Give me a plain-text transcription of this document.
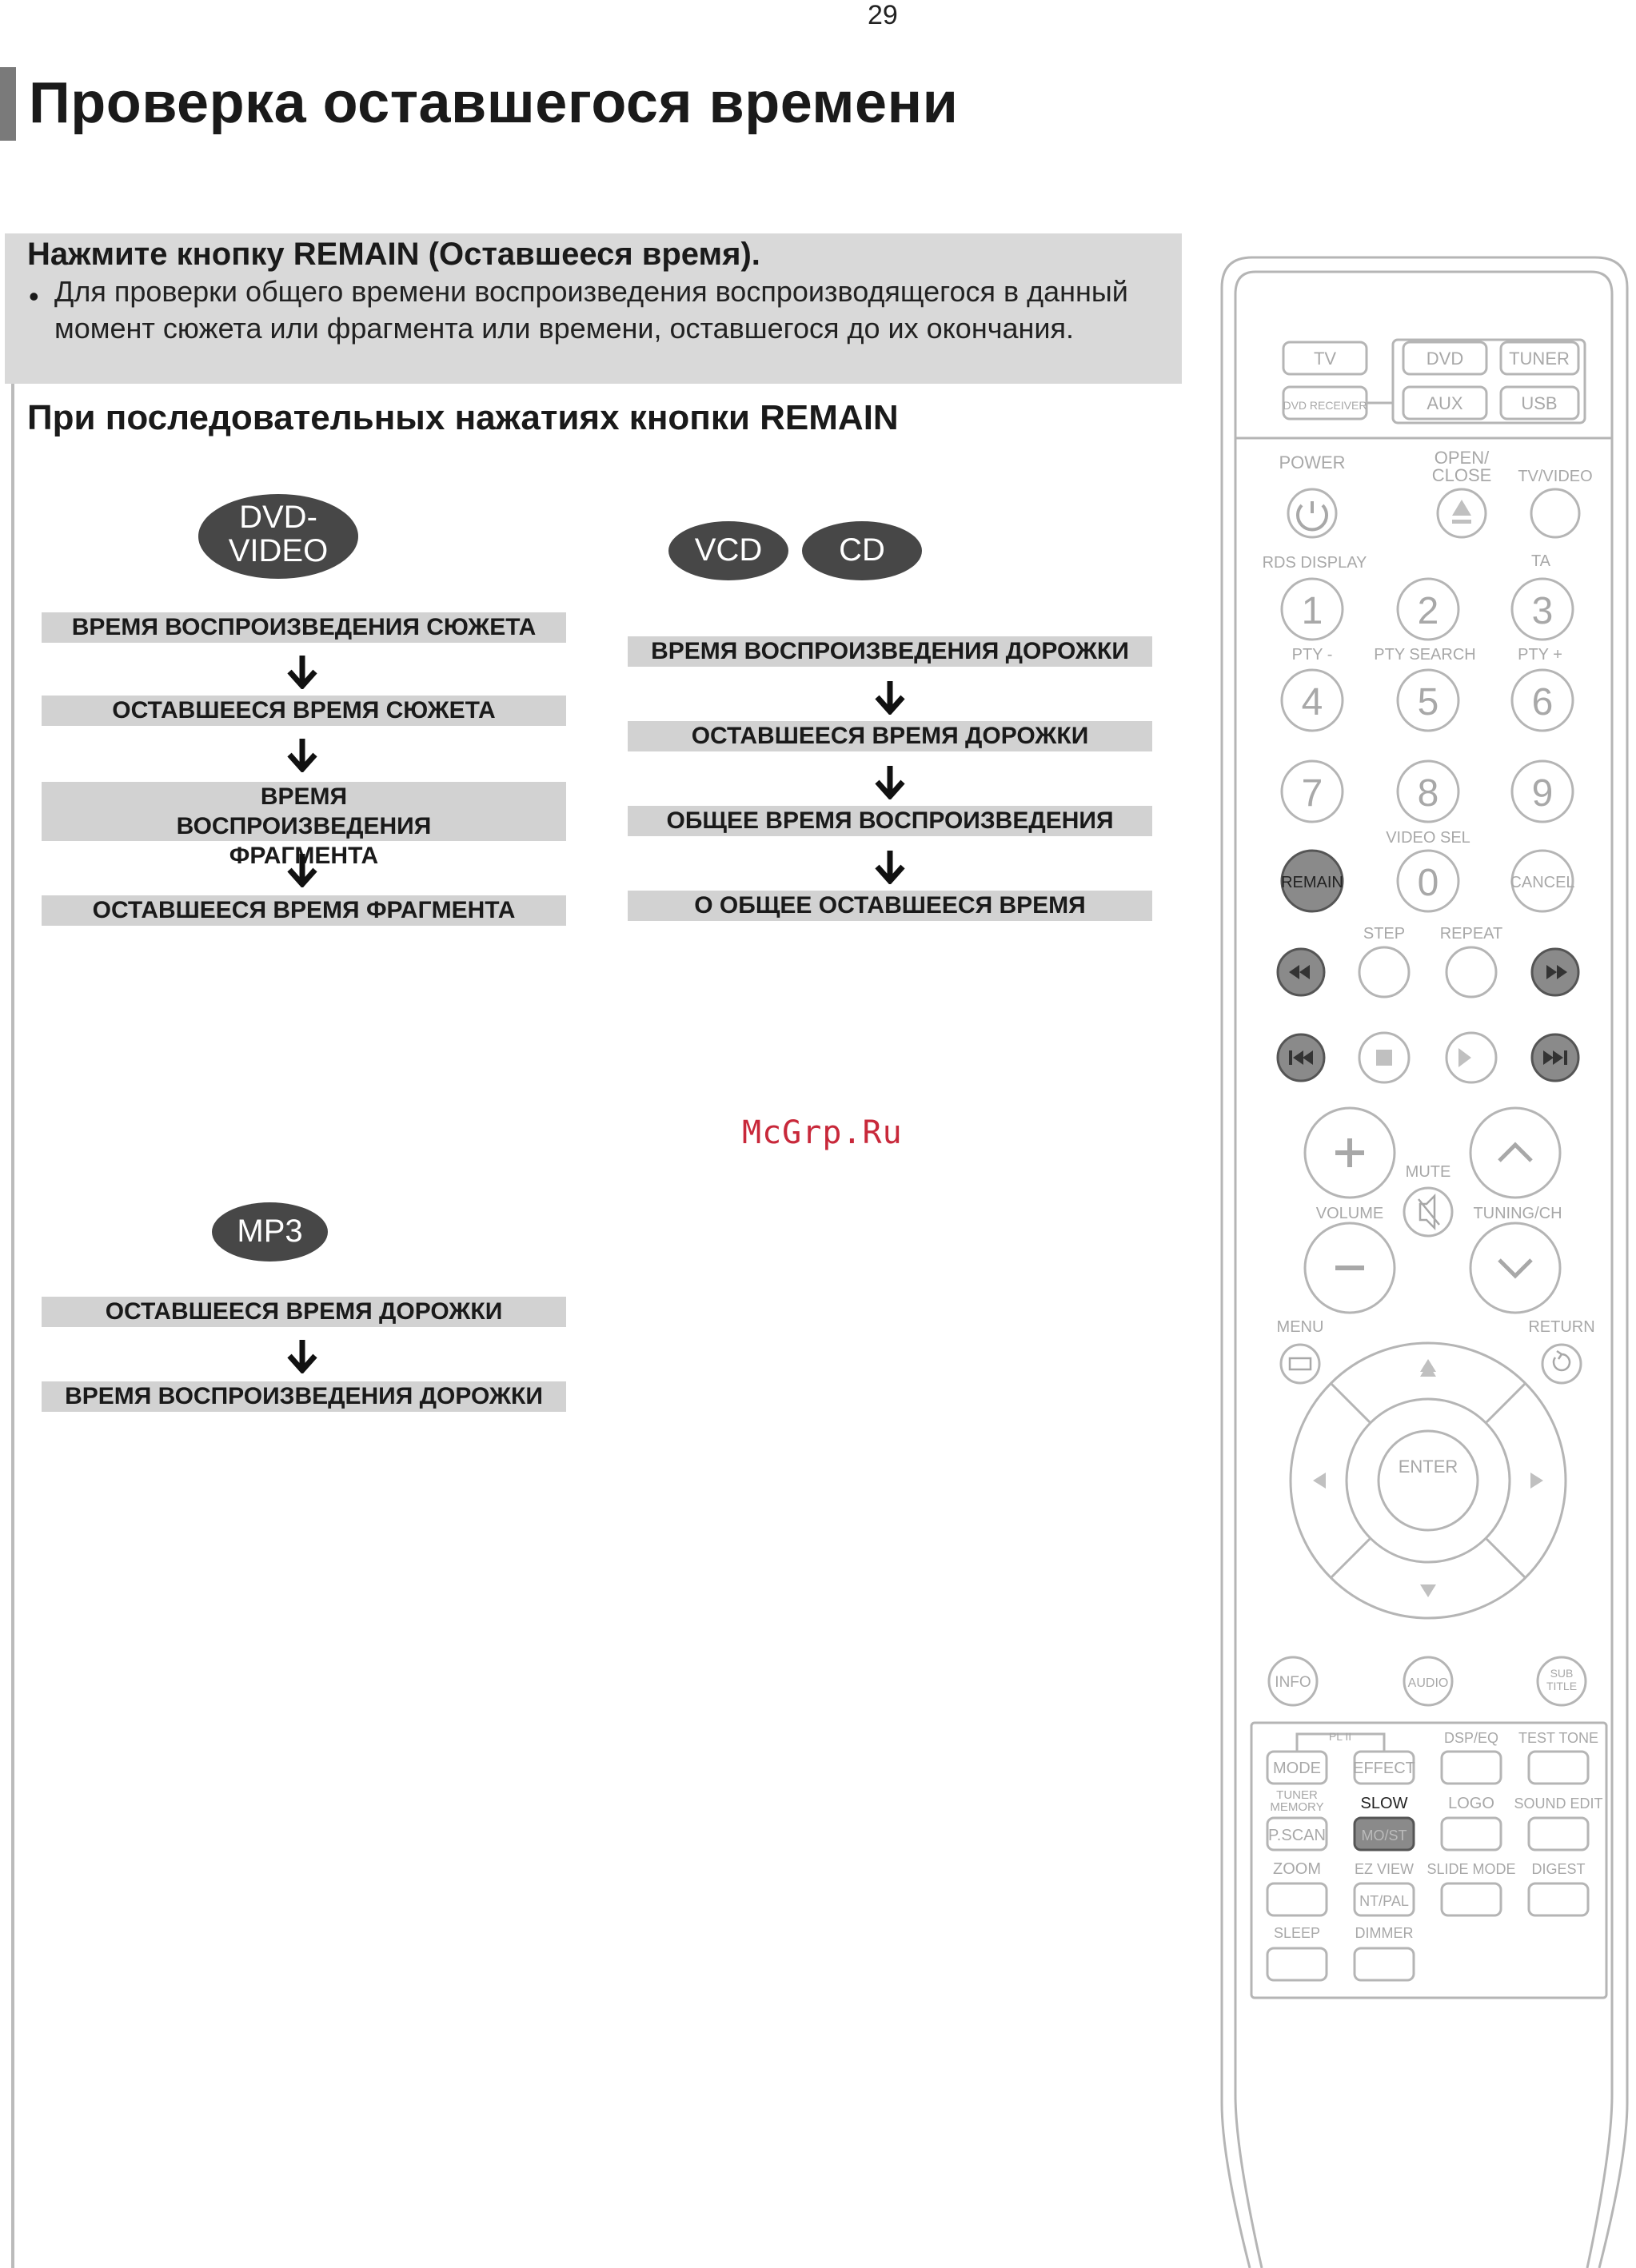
29
Проверка оставшегося времени
Нажмите кнопку REMAIN (Оставшееся время).
• Для проверки общего времени воспроизведения воспроизводящегося в данный момент сюжета или фрагмента или времени, оставшегося до их окончания.
При последовательных нажатиях кнопки REMAIN
DVD-
VIDEO
ВРЕМЯ ВОСПРОИЗВЕДЕНИЯ СЮЖЕТА
ОСТАВШЕЕСЯ ВРЕМЯ СЮЖЕТА
ВРЕМЯ ВОСПРОИЗВЕДЕНИЯ ФРАГМЕНТА
ОСТАВШЕЕСЯ ВРЕМЯ ФРАГМЕНТА
VCD	CD
ВРЕМЯ ВОСПРОИЗВЕДЕНИЯ ДОРОЖКИ
ОСТАВШЕЕСЯ ВРЕМЯ ДОРОЖКИ
ОБЩЕЕ ВРЕМЯ ВОСПРОИЗВЕДЕНИЯ
О ОБЩЕЕ ОСТАВШЕЕСЯ ВРЕМЯ
McGrp.Ru
MP3
ОСТАВШЕЕСЯ ВРЕМЯ ДОРОЖКИ
ВРЕМЯ ВОСПРОИЗВЕДЕНИЯ ДОРОЖКИ
TV	DVD	TUNER
DVD RECEIVER	AUX	USB
POWER	OPEN/
CLOSE TV/VIDEO
RDS DISPLAY	TA
PTY -	PTY SEARCH	PTY +
VIDEO SEL
1 2 3
4 5 6
7 8 9
0
REMAIN	CANCEL
STEP REPEAT
MUTE
VOLUME	TUNING/CH
MENU	RETURN
ENTER
INFO	AUDIO
SUB
TITLE
PL II	DSP/EQ TEST TONE
MODE EFFECT
TUNER
MEMORY SLOW	LOGO SOUND EDIT
P.SCAN MO/ST
ZOOM EZ VIEW SLIDE MODE DIGEST
NT/PAL
SLEEP DIMMER
